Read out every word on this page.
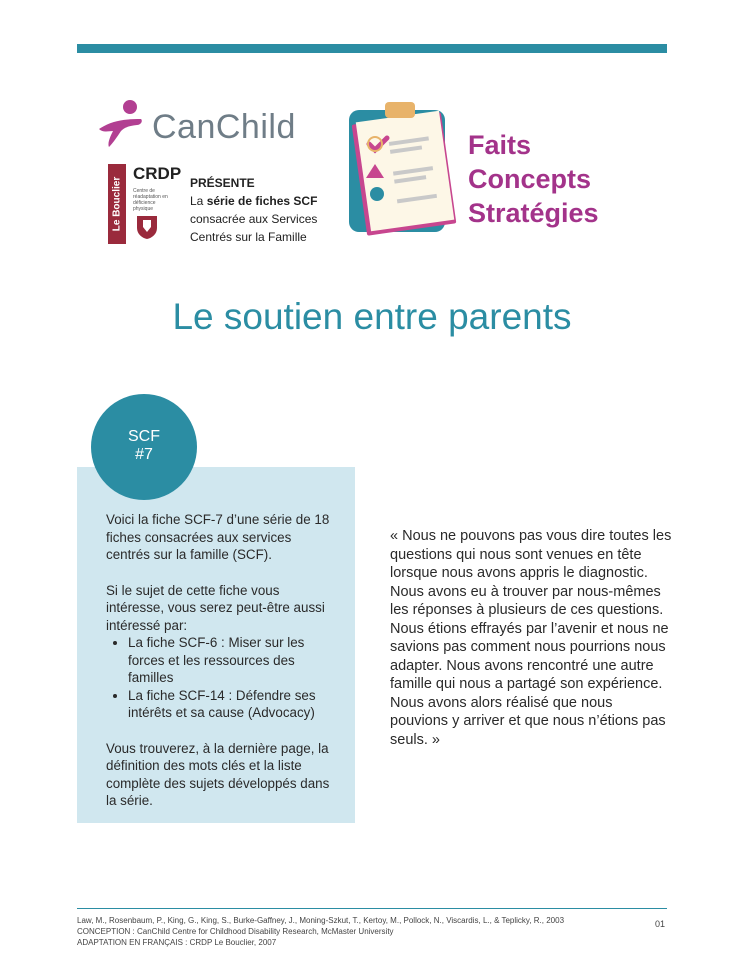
CanChild
Le Bouclier
CRDP
Centre de réadaptation en déficience physique
PRÉSENTE
La série de fiches SCF
consacrée aux Services
Centrés sur la Famille
Faits
Concepts
Stratégies
Le soutien entre parents
SCF
#7

Voici la fiche SCF-7 d’une série de 18 fiches consacrées aux services centrés sur la famille (SCF).

Si le sujet de cette fiche vous intéresse, vous serez peut-être aussi intéressé par:

• La fiche SCF-6 : Miser sur les forces et les ressources des familles
• La fiche SCF-14 : Défendre ses intérêts et sa cause (Advocacy)

Vous trouverez, à la dernière page, la définition des mots clés et la liste complète des sujets développés dans la série.

« Nous ne pouvons pas vous dire toutes les questions qui nous sont venues en tête lorsque nous avons appris le diagnostic. Nous avons eu à trouver par nous-mêmes les réponses à plusieurs de ces questions. Nous étions effrayés par l’avenir et nous ne savions pas comment nous pourrions nous adapter. Nous avons rencontré une autre famille qui nous a partagé son expérience. Nous avons alors réalisé que nous pouvions y arriver et que nous n’étions pas seuls. »
Law, M., Rosenbaum, P., King, G., King, S., Burke-Gaffney, J., Moning-Szkut, T., Kertoy, M., Pollock, N., Viscardis, L., & Teplicky, R., 2003
CONCEPTION : CanChild Centre for Childhood Disability Research, McMaster University
ADAPTATION EN FRANÇAIS : CRDP Le Bouclier, 2007
01
